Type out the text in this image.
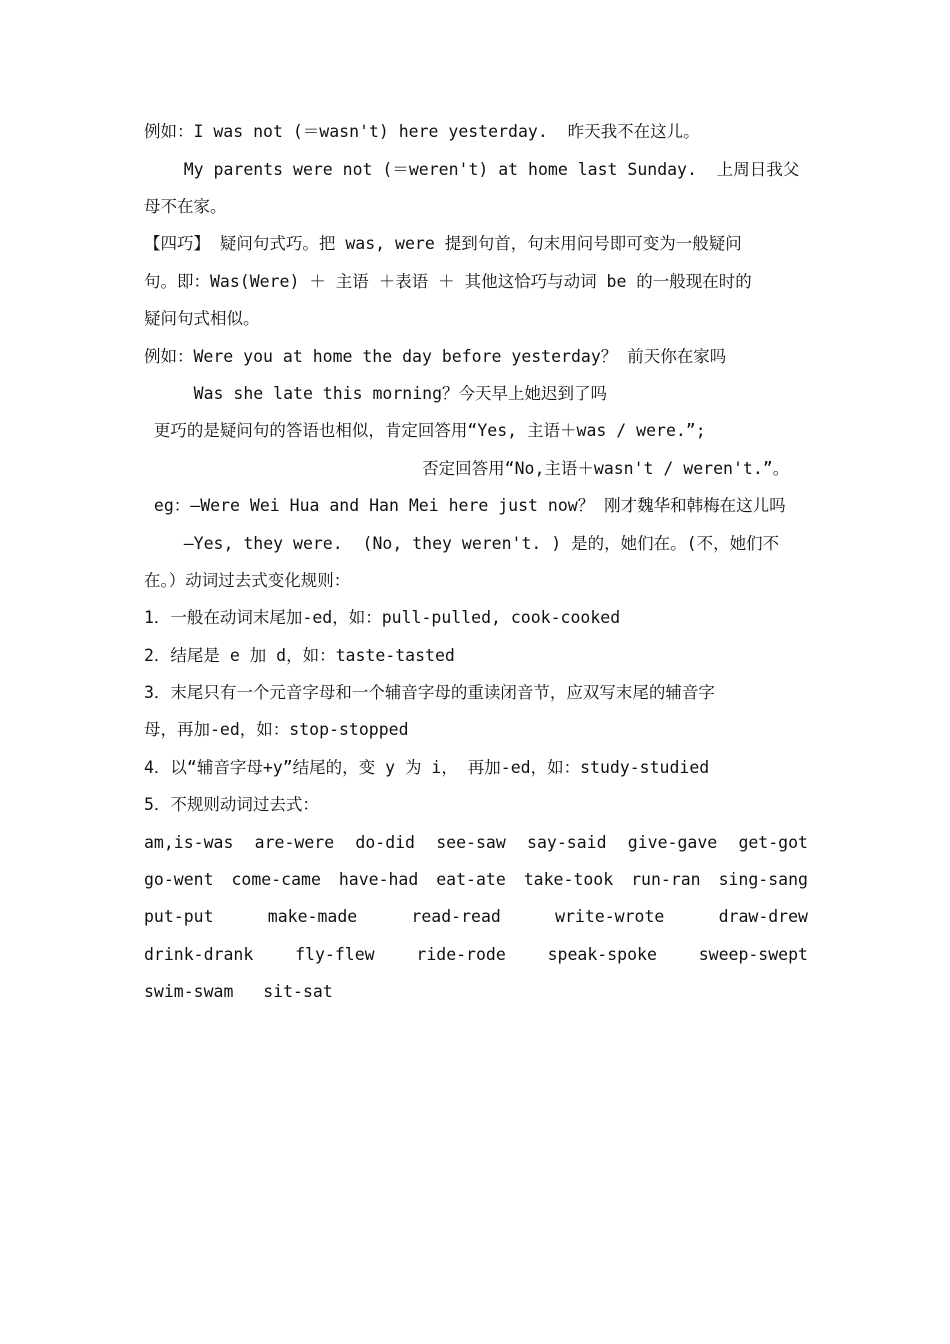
例如：I was not (＝wasn't) here yesterday.  昨天我不在这儿。
My parents were not (＝weren't) at home last Sunday.  上周日我父
母不在家。
【四巧】 疑问句式巧。把 was, were 提到句首，句末用问号即可变为一般疑问
句。即：Was(Were) ＋ 主语 ＋表语 ＋ 其他这恰巧与动词 be 的一般现在时的
疑问句式相似。
例如：Were you at home the day before yesterday？ 前天你在家吗
Was she late this morning？今天早上她迟到了吗
更巧的是疑问句的答语也相似，肯定回答用“Yes, 主语＋was / were.”;
否定回答用“No,主语＋wasn't / weren't.”。
eg：—Were Wei Hua and Han Mei here just now？ 刚才魏华和韩梅在这儿吗
—Yes, they were.  (No, they weren't. ) 是的，她们在。(不，她们不
在。）动词过去式变化规则：
1．一般在动词末尾加-ed，如：pull-pulled, cook-cooked
2．结尾是 e 加 d，如：taste-tasted
3．末尾只有一个元音字母和一个辅音字母的重读闭音节，应双写末尾的辅音字
母，再加-ed，如：stop-stopped
4．以“辅音字母+y”结尾的，变 y 为 i， 再加-ed，如：study-studied
5．不规则动词过去式：
am,is-was are-were do-did see-saw say-said give-gave get-got
go-went come-came have-had eat-ate take-took run-ran sing-sang
put-put	make-made	read-read	write-wrote	draw-drew
drink-drank	fly-flew	ride-rode	speak-spoke	sweep-swept
swim-swam sit-sat
